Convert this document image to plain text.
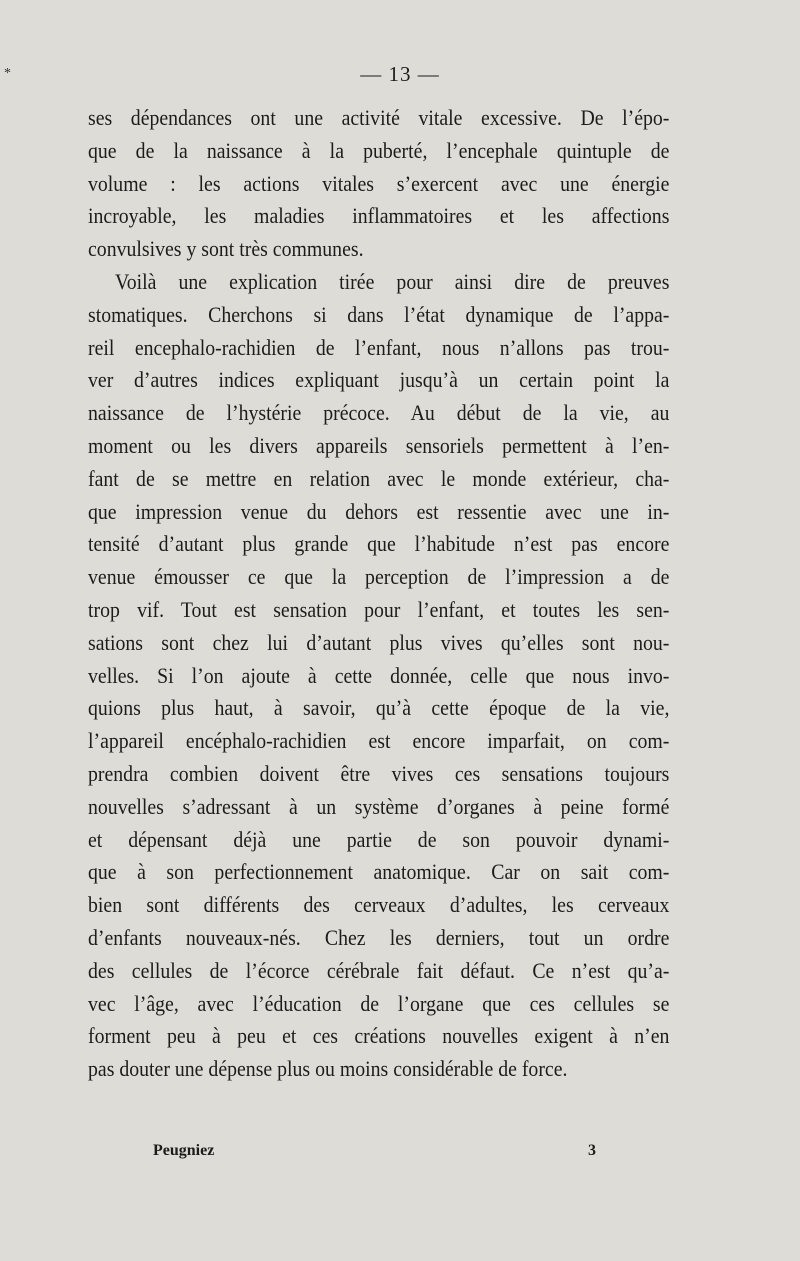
*	— 13 —
ses dépendances ont une activité vitale excessive. De l’épo-
que de la naissance à la puberté, l’encephale quintuple de
volume : les actions vitales s’exercent avec une énergie
incroyable, les maladies inflammatoires et les affections
convulsives y sont très communes.
Voilà une explication tirée pour ainsi dire de preuves
stomatiques. Cherchons si dans l’état dynamique de l’appa-
reil encephalo-rachidien de l’enfant, nous n’allons pas trou-
ver d’autres indices expliquant jusqu’à un certain point la
naissance de l’hystérie précoce. Au début de la vie, au
moment ou les divers appareils sensoriels permettent à l’en-
fant de se mettre en relation avec le monde extérieur, cha-
que impression venue du dehors est ressentie avec une in-
tensité d’autant plus grande que l’habitude n’est pas encore
venue émousser ce que la perception de l’impression a de
trop vif. Tout est sensation pour l’enfant, et toutes les sen-
sations sont chez lui d’autant plus vives qu’elles sont nou-
velles. Si l’on ajoute à cette donnée, celle que nous invo-
quions plus haut, à savoir, qu’à cette époque de la vie,
l’appareil encéphalo-rachidien est encore imparfait, on com-
prendra combien doivent être vives ces sensations toujours
nouvelles s’adressant à un système d’organes à peine formé
et dépensant déjà une partie de son pouvoir dynami-
que à son perfectionnement anatomique. Car on sait com-
bien sont différents des cerveaux d’adultes, les cerveaux
d’enfants nouveaux-nés. Chez les derniers, tout un ordre
des cellules de l’écorce cérébrale fait défaut. Ce n’est qu’a-
vec l’âge, avec l’éducation de l’organe que ces cellules se
forment peu à peu et ces créations nouvelles exigent à n’en
pas douter une dépense plus ou moins considérable de force.
Peugniez	3
